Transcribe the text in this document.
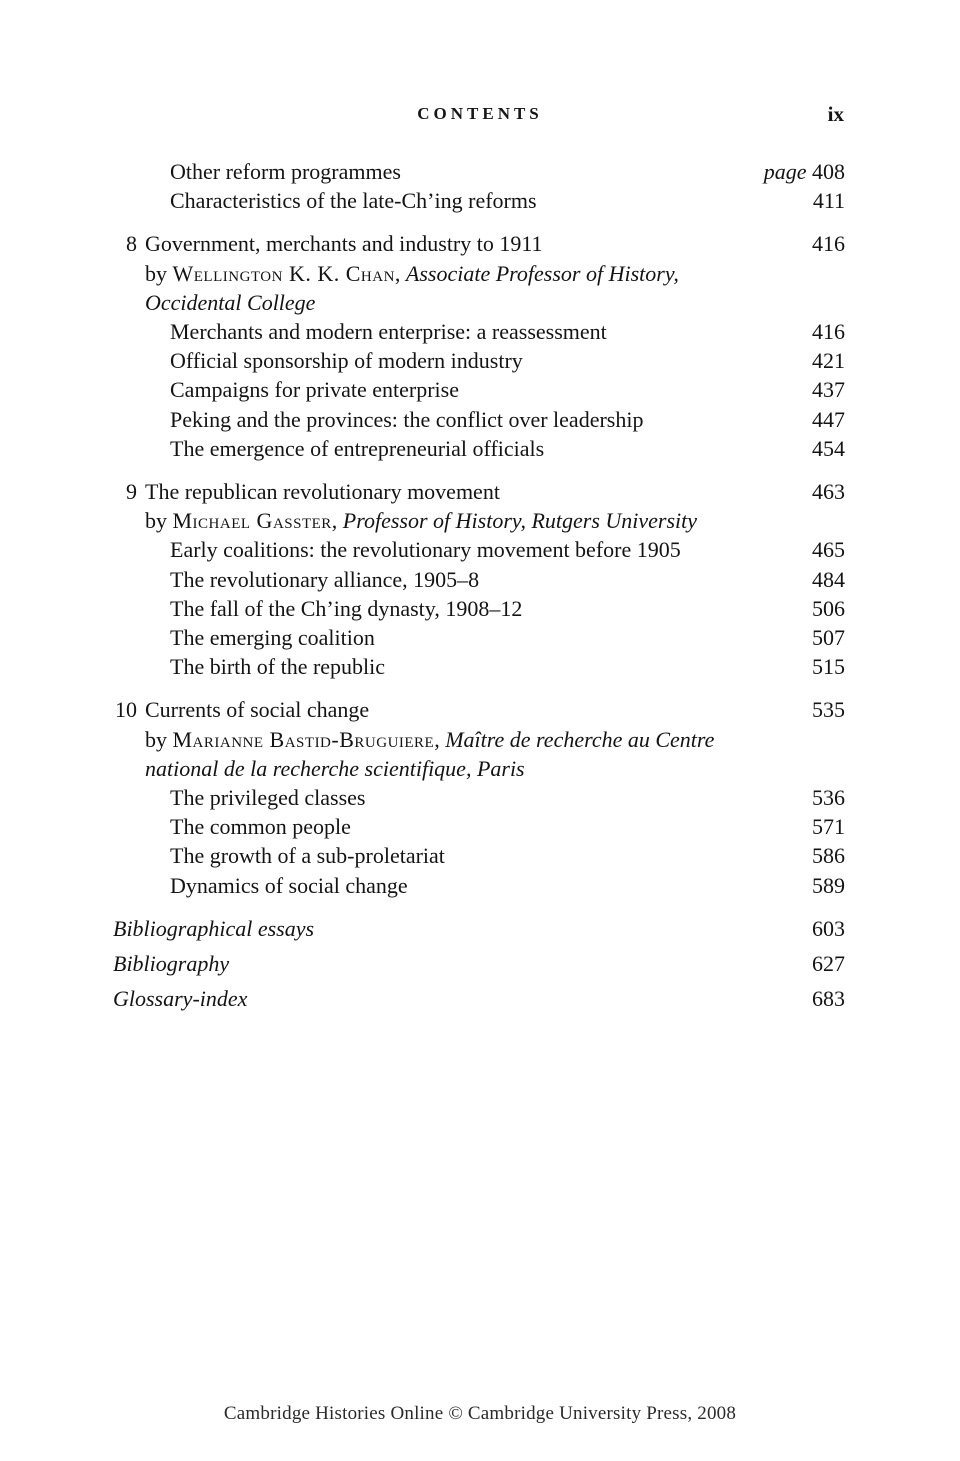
CONTENTS	ix
Other reform programmes	page 408
Characteristics of the late-Ch’ing reforms	411
8 Government, merchants and industry to 1911	416
by Wellington K. K. Chan, Associate Professor of History,
Occidental College
Merchants and modern enterprise: a reassessment	416
Official sponsorship of modern industry	421
Campaigns for private enterprise	437
Peking and the provinces: the conflict over leadership	447
The emergence of entrepreneurial officials	454
9 The republican revolutionary movement	463
by Michael Gasster, Professor of History, Rutgers University
Early coalitions: the revolutionary movement before 1905	465
The revolutionary alliance, 1905–8	484
The fall of the Ch’ing dynasty, 1908–12	506
The emerging coalition	507
The birth of the republic	515
10 Currents of social change	535
by Marianne Bastid-Bruguiere, Maître de recherche au Centre
national de la recherche scientifique, Paris
The privileged classes	536
The common people	571
The growth of a sub-proletariat	586
Dynamics of social change	589
Bibliographical essays	603
Bibliography	627
Glossary-index	683
Cambridge Histories Online © Cambridge University Press, 2008
